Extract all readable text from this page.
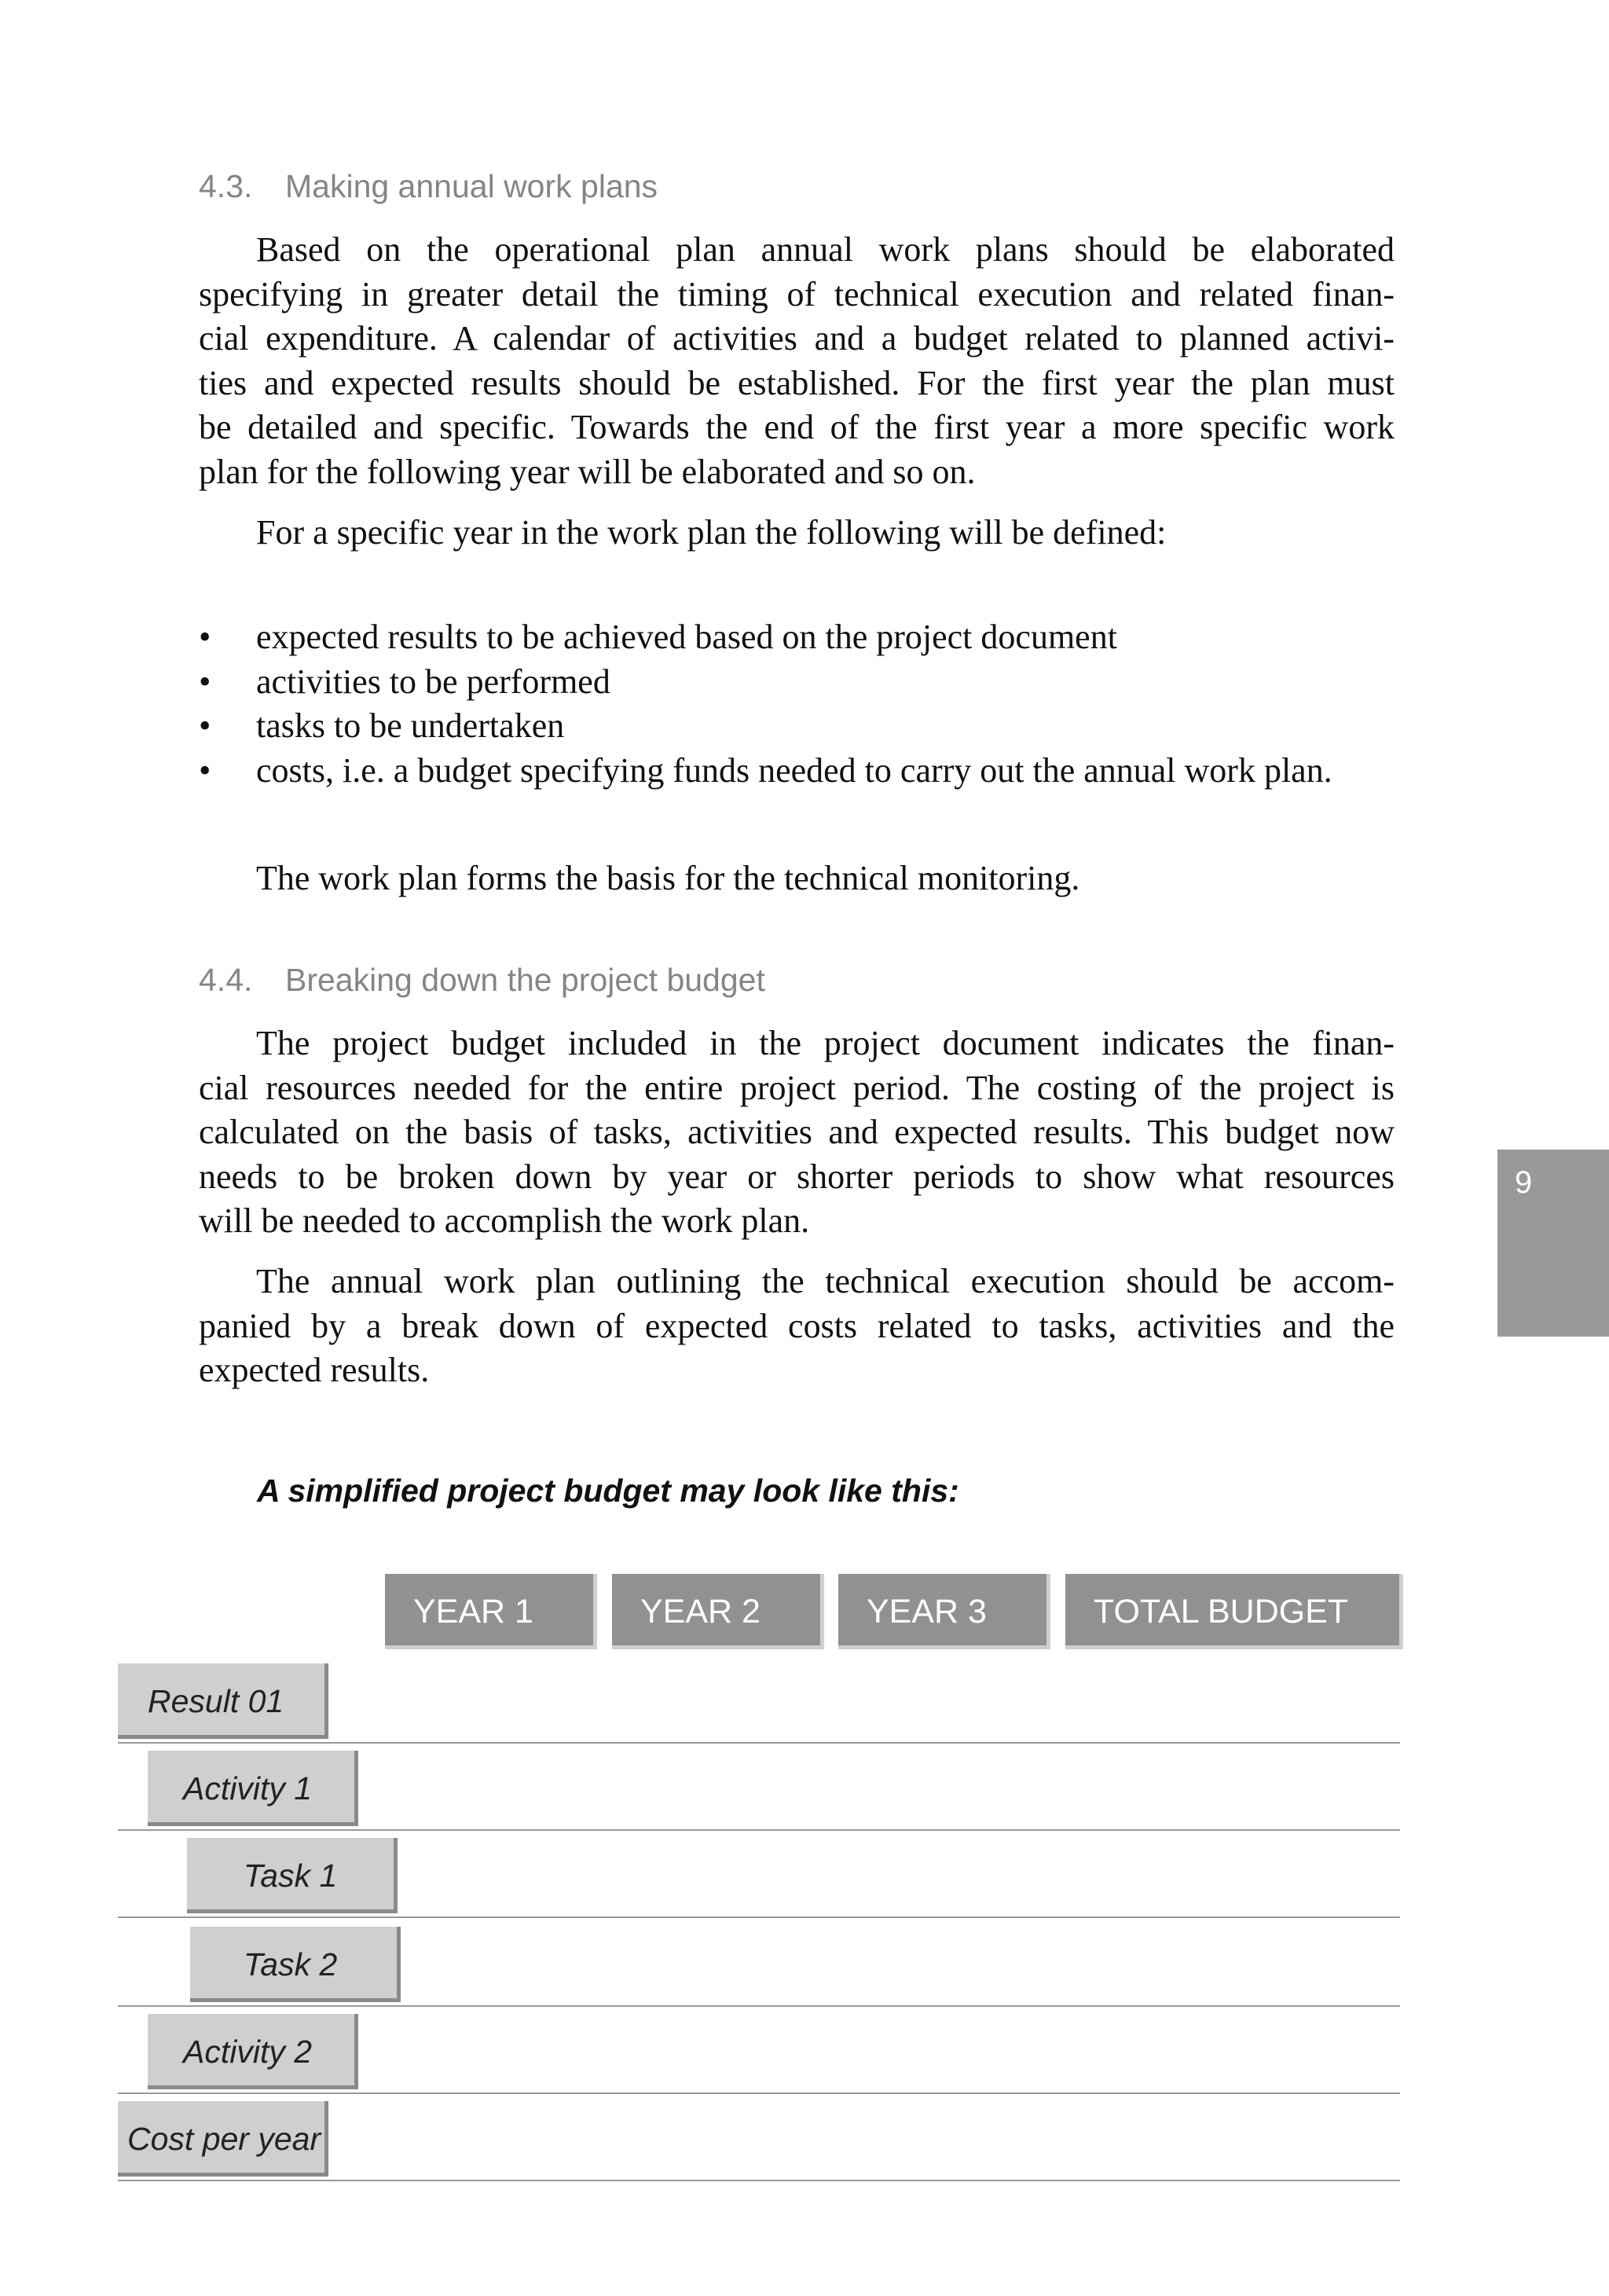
4.3. Making annual work plans
Based on the operational plan annual work plans should be elaborated
specifying in greater detail the timing of technical execution and related finan-
cial expenditure. A calendar of activities and a budget related to planned activi-
ties and expected results should be established. For the first year the plan must
be detailed and specific. Towards the end of the first year a more specific work
plan for the following year will be elaborated and so on.
For a specific year in the work plan the following will be defined:
• expected results to be achieved based on the project document
• activities to be performed
• tasks to be undertaken
• costs, i.e. a budget specifying funds needed to carry out the annual work plan.
The work plan forms the basis for the technical monitoring.
4.4. Breaking down the project budget
The project budget included in the project document indicates the finan-
cial resources needed for the entire project period. The costing of the project is
calculated on the basis of tasks, activities and expected results. This budget now
needs to be broken down by year or shorter periods to show what resources
will be needed to accomplish the work plan.
The annual work plan outlining the technical execution should be accom-
panied by a break down of expected costs related to tasks, activities and the
expected results.
9
A simplified project budget may look like this:
YEAR 1	YEAR 2	YEAR 3	TOTAL BUDGET
Result 01
Activity 1
Task 1
Task 2
Activity 2
Cost per year
